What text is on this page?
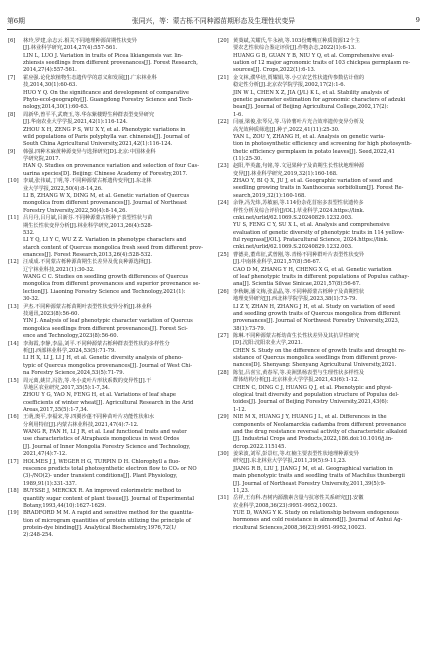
第6期	张同兴，等：蒙古栎不同种源苗期形态及生理性状变异	9
[6]	林玲,罗建,余志云.相关不同地理种源苗期性状变异
[J].林业科学研究,2014,27(4):557-561.
LIN L, LUO J. Variation in traits of Picea likiangensis var. lin-
zhiensis seedlings from different provenances[J]. Forest Research,
2014,27(4):557-561.
[7]	霍应强.论化软植物生态遗传学的意义和发展[J].广东林业科
技,2014,30(1):60-63.
HUO Y Q. On the significance and development of comparative
Phyto-ecol-geography[J]. Guangdong Forestry Science and Tech-
nology,2014,30(1):60-63.
[8]	周新华,曾平平,武晓玉,等.华东紫楼野生种群表型变异研究
[J].华南农业大学学报,2021,42(1):116-124.
ZHOU X H, ZENG P S, WU X Y, et al. Phenotypic variations in
wild populations of Paris polyphylla var. chinensis[J]. Journal of
South China Agricultural University,2021,42(1):116-124.
[9]	韩强.四种木麻黄种源变异与选择研究[D].北京:中国林业科
学研究院,2017.
HAN Q. Studies on provenance variation and selection of four Cas-
uarina species[D]. Beijing: Chinese Academy of Forestry,2017.
[10] 李斌,张伟斌,丁明,等.不同种源蒙古栎遗传变异[J].东北林
业大学学报,2022,50(4):8-14,26.
LI B, ZHANG W X, DING M, et al. Genetic variation of Quercus
mongolica from different provenances[J]. Journal of Northeast
Forestry University,2022,50(4):8-14,26.
[11] 吕月丹,吕月斌,吕新芬.不同种源蒙古栎种子表型性状与苗
期生长性状变异分析[J].林业科学研究,2013,26(4):528-
532.
LI Y Q, LI Y C, WU Z Z. Variation in phenotype characters and
starch content of Quercus mongolica fresh seed from different prov-
enances[J]. Forest Research,2013,26(4):528-532.
[12] 汪成成.不同蒙古栎种源苗期生长差异及优良种源选择[J].
辽宁林业科技,2021(1):30-32.
WANG C C. Studies on seedling growth differences of Quercus
mongolica from different provenances and superior provenance se-
lection[J]. Liaoning Forestry Science and Technology,2021(1):
30-32.
[13] 尹杰.不同种源蒙古栎苗期叶表型性状变异分析[J].林业科
技通讯,2023(8):56-60.
YIN J. Analysis of leaf phenotypic character variation of Quercus
mongolica seedlings from different provenances[J]. Forest Sci-
ence and Technology,2023(8):56-60.
[14] 李海霞,李静,李晶,刘平.不同种源蒙古栎种群表型性状的多样性分
析[J].西部林业科学,2024,53(5):71-79.
LI H X, LI J, LI J H, et al. Genetic diversity analysis of pheno-
typic of Quercus mongolica provenances[J]. Journal of West Chi-
na Forestry Science,2024,53(5):71-79.
[15] 周元离,姚甘,冯浩,等.冬小麦叶片形状系数的变异性[J].干
旱地区农业研究,2017,35(5):1-7,34.
ZHOU Y G, YAO N, FENG H, et al. Variations of leaf shape
coefficients of winter wheat[J]. Agricultural Research in the Arid
Areas,2017,35(5):1-7,34.
[16] 王萌,奥平,李福宋,等.四翼沙蓬不同种苗叶片功能性状和水
分利用特征[J].内蒙古林业科技,2021,47(4):7-12.
WANG R, FAN H, LI J R, et al. Leaf functional traits and water
use characteristics of Atraphaxis mongolicus in west Ordos
[J]. Journal of Inner Mongolia Forestry Science and Technology,
2021,47(4):7-12.
[17] HOLMES J J, WEGER H G, TURPIN D H. Chlorophyll a fluo-
rescence predicts total photosynthetic electron flow to CO₂ or NO
(3)-/NO(2)- under transient conditions[J]. Plant Physiology,
1989,91(1):331-337.
[18] BUYSSE J, MERCKX R. An improved colorimetric method to
quantify sugar content of plant tissue[J]. Journal of Experimental
Botany,1993,44(10):1627-1629.
[19] BRADFORD M M. A rapid and sensitive method for the quantita-
tion of microgram quantities of protein utilizing the principle of
protein-dye binding[J]. Analytical Biochemistry,1976,72(1/
2):248-254.
[20] 黄葵斌,关耀氏,牛永祯,等.103份鹰嘴豆种质资源12个主
要农艺性状综合鉴定评价[J].作物杂志,2022(1):6-13.
HUANG G B, GUAN Y B, NIU Y Q, et al. Comprehensive eval-
uation of 12 major agronomic traits of 103 chickpea germplasm re-
sources[J]. Crops,2022(1):6-13.
[21] 金文林,濮华培,贾耀娟,等.小豆农艺性状遗传参数估计值的
稳定性分析[J].北京农学院学报,2002,17(2):1-6.
JIN W L, CHEN X Z, JIA (J/L) K L, et al. Stability analysis of
genetic parameter estimation for agronomic characters of adzuki
bean[J]. Journal of Beijing Agricultural College,2002,17(2):
1-6.
[22] 闫丽,梁俊,张琴兄,等.马铃薯叶片光合效率遗传变异分析及
高光效种质筛选[J].种子,2022,41(11):25-30.
YAN L, ZOU Y, ZHANG H, et al. Analysis on genetic varia-
tion in photosynthetic efficiency and screening for high photosynth-
thetic efficiency germplasm in potato leaves[J]. Seed,2022,41
(11):25-30.
[23] 赵阳,毕英鑫,句铭,等.文冠果种子及苗期生长性状地理种源
变异[J].林业科学研究,2019,32(1):160-168.
ZHAO Y, BI Q X, JU J, et al. Geographic variation of seed and
seedling growing traits in Xanthoceras sorbifolium[J]. Forest Re-
search,2019,32(1):160-168.
[24] 余铮,冯先炜,苏敏丽,等.114份杂花苜宿多表型性状遗传多
样性分析及综合评价[J/OL].草业科学,2024.https://link.
cnki.net/urlid/62.1069.S.20240829.1232.003.
YU S, FENG C Y, SU X L, et al. Analysis and comprehensive
evaluation of genetic diversity of phenotypic traits in 114 yellow-
ful ryegrass[J/OL]. Pratacultural Science, 2024.https://link.
cnki.net/urlid/62.1069.S.20240829.1232.003.
[25] 曹德美,董茸征,武曾刚,等.青杨不同种群叶片表型性状变异
[J].中南林业科学,2021,57(8):56-67.
CAO D M, ZHANG Y H, CHENG X G, et al. Genetic variation
of leaf phenotypic traits in different populations of Populus cathay-
ana[J]. Scientia Silvae Sinicae,2021,57(8):56-67.
[26] 李秋娴,潘文梅,张晶晶,等.不同种源蒙古栎种子及苗期性状
地理变异研究[J].西北林学院学报,2023,38(1):73-79.
LI Z Y, ZHAN H, ZHANG J H, et al. Study on variation of seed
and seedling growth traits of Quercus mongolica from different
provenances[J]. Journal of Northwest Forestry University,2023,
38(1):73-79.
[27] 陈琳.不同种源蒙古栎幼苗生长性状差异及其抗旱性研究
[D].沈阳:沈阳农业大学,2021.
CHEN S. Study on the difference of growth traits and drought re-
sistance of Quercus mongolica seedlings from different prove-
nances[D]. Shenyang: Shenyang Agricultural University,2021.
[28] 陈玺,吕喜宝,黄春军,等.美洲黑杨表型与生理性状多样性及
群体结构分析[J].北京林业大学学报,2021,43(6):1-12.
CHEN C, DING C J, HUANG Q J, et al. Phenotypic and physi-
ological trait diversity and population structure of Populus del-
toides[J]. Journal of Beijing Forestry University,2021,43(6):
1-12.
[29] NIE M X, HUANG J Y, HUANG J L, et al. Differences in the
components of Neolamarckia cadamba from different provenance
and the drug resistance reversal activity of characteristic alkaloid
[J]. Industrial Crops and Products,2022,186.doi:10.1016/j.in-
dcrop.2022.115145.
[30] 姜荣波,刘军,彭景红,等.红楠主要表型性状地理种源变异
研究[J].东北林业大学学报,2011,39(5):9-11,23.
JIANG R B, LIU J, JIANG J M, et al. Geographical variation in
main phenotypic traits and seedling traits of Machilus thunbergii
[J]. Journal of Northeast Forestry University,2011,39(5):9-
11,23.
[31] 岳祥,王有科.杏树内源激素含量与抗寒性关系研究[J].安徽
农业科学,2008,36(23):9951-9952,10023.
YUE D, WANG Y K. Study on relationship between endogenous
hormones and cold resistance in almond[J]. Journal of Anhui Ag-
ricultural Sciences,2008,36(23):9951-9952,10023.
